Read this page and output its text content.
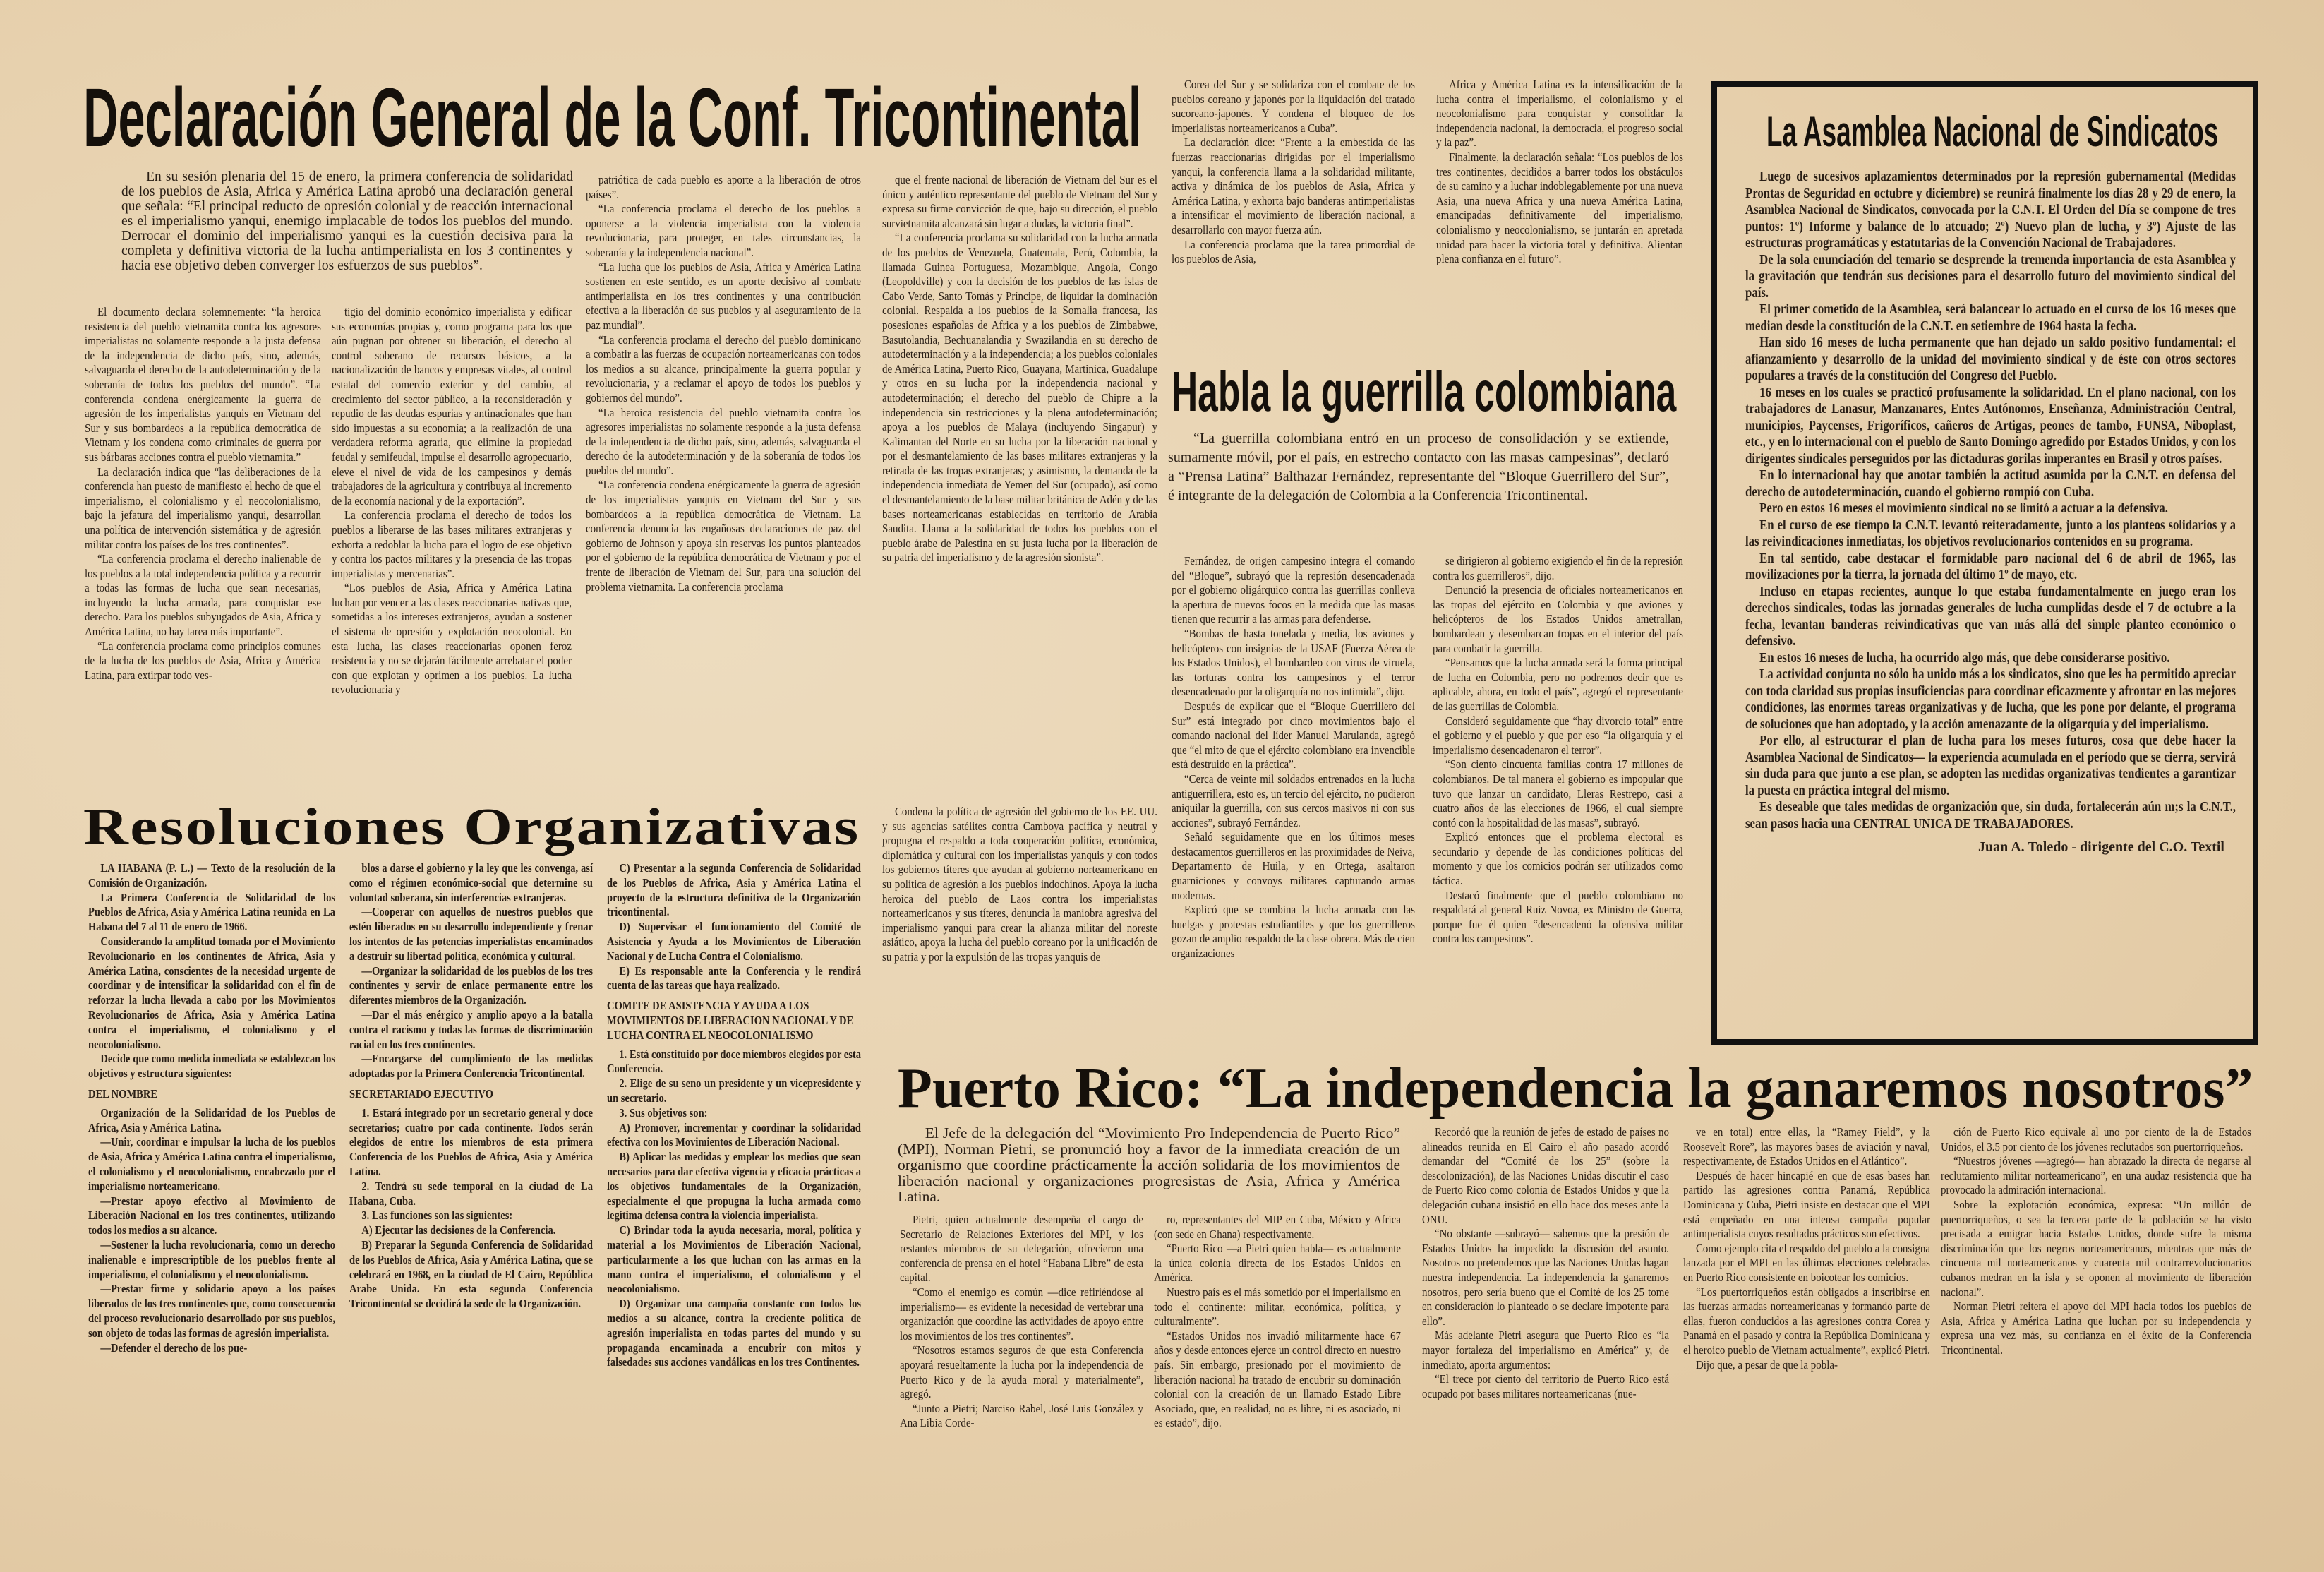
Declaración General de la Conf. Tricontinental

En su sesión plenaria del 15 de enero, la primera conferencia de solidaridad de los pueblos de Asia, Africa y América Latina aprobó una declaración general que señala: “El principal reducto de opresión colonial y de reacción internacional es el imperialismo yanqui, enemigo implacable de todos los pueblos del mundo. Derrocar el dominio del imperialismo yanqui es la cuestión decisiva para la completa y definitiva victoria de la lucha antimperialista en los 3 continentes y hacia ese objetivo deben converger los esfuerzos de sus pueblos”.

El documento declara solemnemente: “la heroica resistencia del pueblo vietnamita contra los agresores imperialistas no solamente responde a la justa defensa de la independencia de dicho país, sino, además, salvaguarda el derecho de la autodeterminación y de la soberanía de todos los pueblos del mundo”. “La conferencia condena enérgicamente la guerra de agresión de los imperialistas yanquis en Vietnam del Sur y sus bombardeos a la república democrática de Vietnam y los condena como criminales de guerra por sus bárbaras acciones contra el pueblo vietnamita.”

La declaración indica que “las deliberaciones de la conferencia han puesto de manifiesto el hecho de que el imperialismo, el colonialismo y el neocolonialismo, bajo la jefatura del imperialismo yanqui, desarrollan una política de intervención sistemática y de agresión militar contra los países de los tres continentes”.

“La conferencia proclama el derecho inalienable de los pueblos a la total independencia política y a recurrir a todas las formas de lucha que sean necesarias, incluyendo la lucha armada, para conquistar ese derecho. Para los pueblos subyugados de Asia, Africa y América Latina, no hay tarea más importante”.

“La conferencia proclama como principios comunes de la lucha de los pueblos de Asia, Africa y América Latina, para extirpar todo ves-

tigio del dominio económico imperialista y edificar sus economías propias y, como programa para los que aún pugnan por obtener su liberación, el derecho al control soberano de recursos básicos, a la nacionalización de bancos y empresas vitales, al control estatal del comercio exterior y del cambio, al crecimiento del sector público, a la reconsideración y repudio de las deudas espurias y antinacionales que han sido impuestas a su economía; a la realización de una verdadera reforma agraria, que elimine la propiedad feudal y semifeudal, impulse el desarrollo agropecuario, eleve el nivel de vida de los campesinos y demás trabajadores de la agricultura y contribuya al incremento de la economía nacional y de la exportación”.

La conferencia proclama el derecho de todos los pueblos a liberarse de las bases militares extranjeras y exhorta a redoblar la lucha para el logro de ese objetivo y contra los pactos militares y la presencia de las tropas imperialistas y mercenarias”.

“Los pueblos de Asia, Africa y América Latina luchan por vencer a las clases reaccionarias nativas que, sometidas a los intereses extranjeros, ayudan a sostener el sistema de opresión y explotación neocolonial. En esta lucha, las clases reaccionarias oponen feroz resistencia y no se dejarán fácilmente arrebatar el poder con que explotan y oprimen a los pueblos. La lucha revolucionaria y

patriótica de cada pueblo es aporte a la liberación de otros países”.

“La conferencia proclama el derecho de los pueblos a oponerse a la violencia imperialista con la violencia revolucionaria, para proteger, en tales circunstancias, la soberanía y la independencia nacional”.

“La lucha que los pueblos de Asia, Africa y América Latina sostienen en este sentido, es un aporte decisivo al combate antimperialista en los tres continentes y una contribución efectiva a la liberación de sus pueblos y al aseguramiento de la paz mundial”.

“La conferencia proclama el derecho del pueblo dominicano a combatir a las fuerzas de ocupación norteamericanas con todos los medios a su alcance, principalmente la guerra popular y revolucionaria, y a reclamar el apoyo de todos los pueblos y gobiernos del mundo”.

“La heroica resistencia del pueblo vietnamita contra los agresores imperialistas no solamente responde a la justa defensa de la independencia de dicho país, sino, además, salvaguarda el derecho de la autodeterminación y de la soberanía de todos los pueblos del mundo”.

“La conferencia condena enérgicamente la guerra de agresión de los imperialistas yanquis en Vietnam del Sur y sus bombardeos a la república democrática de Vietnam. La conferencia denuncia las engañosas declaraciones de paz del gobierno de Johnson y apoya sin reservas los puntos planteados por el gobierno de la república democrática de Vietnam y por el frente de liberación de Vietnam del Sur, para una solución del problema vietnamita. La conferencia proclama

que el frente nacional de liberación de Vietnam del Sur es el único y auténtico representante del pueblo de Vietnam del Sur y expresa su firme convicción de que, bajo su dirección, el pueblo survietnamita alcanzará sin lugar a dudas, la victoria final”.

“La conferencia proclama su solidaridad con la lucha armada de los pueblos de Venezuela, Guatemala, Perú, Colombia, la llamada Guinea Portuguesa, Mozambique, Angola, Congo (Leopoldville) y con la decisión de los pueblos de las islas de Cabo Verde, Santo Tomás y Príncipe, de liquidar la dominación colonial. Respalda a los pueblos de la Somalia francesa, las posesiones españolas de Africa y a los pueblos de Zimbabwe, Basutolandia, Bechuanalandia y Swazilandia en su derecho de autodeterminación y a la independencia; a los pueblos coloniales de América Latina, Puerto Rico, Guayana, Martinica, Guadalupe y otros en su lucha por la independencia nacional y autodeterminación; el derecho del pueblo de Chipre a la independencia sin restricciones y la plena autodeterminación; apoya a los pueblos de Malaya (incluyendo Singapur) y Kalimantan del Norte en su lucha por la liberación nacional y por el desmantelamiento de las bases militares extranjeras y la retirada de las tropas extranjeras; y asimismo, la demanda de la independencia inmediata de Yemen del Sur (ocupado), así como el desmantelamiento de la base militar británica de Adén y de las bases norteamericanas establecidas en territorio de Arabia Saudita. Llama a la solidaridad de todos los pueblos con el pueblo árabe de Palestina en su justa lucha por la liberación de su patria del imperialismo y de la agresión sionista”.

Condena la política de agresión del gobierno de los EE. UU. y sus agencias satélites contra Camboya pacífica y neutral y propugna el respaldo a toda cooperación política, económica, diplomática y cultural con los imperialistas yanquis y con todos los gobiernos títeres que ayudan al gobierno norteamericano en su política de agresión a los pueblos indochinos. Apoya la lucha heroica del pueblo de Laos contra los imperialistas norteamericanos y sus títeres, denuncia la maniobra agresiva del imperialismo yanqui para crear la alianza militar del noreste asiático, apoya la lucha del pueblo coreano por la unificación de su patria y por la expulsión de las tropas yanquis de

Corea del Sur y se solidariza con el combate de los pueblos coreano y japonés por la liquidación del tratado sucoreano-japonés. Y condena el bloqueo de los imperialistas norteamericanos a Cuba”.

La declaración dice: “Frente a la embestida de las fuerzas reaccionarias dirigidas por el imperialismo yanqui, la conferencia llama a la solidaridad militante, activa y dinámica de los pueblos de Asia, Africa y América Latina, y exhorta bajo banderas antimperialistas a intensificar el movimiento de liberación nacional, a desarrollarlo con mayor fuerza aún.

La conferencia proclama que la tarea primordial de los pueblos de Asia,

Africa y América Latina es la intensificación de la lucha contra el imperialismo, el colonialismo y el neocolonialismo para conquistar y consolidar la independencia nacional, la democracia, el progreso social y la paz”.

Finalmente, la declaración señala: “Los pueblos de los tres continentes, decididos a barrer todos los obstáculos de su camino y a luchar indoblegablemente por una nueva Asia, una nueva Africa y una nueva América Latina, emancipadas definitivamente del imperialismo, colonialismo y neocolonialismo, se juntarán en apretada unidad para hacer la victoria total y definitiva. Alientan plena confianza en el futuro”.

Resoluciones Organizativas

LA HABANA (P. L.) — Texto de la resolución de la Comisión de Organización.

La Primera Conferencia de Solidaridad de los Pueblos de Africa, Asia y América Latina reunida en La Habana del 7 al 11 de enero de 1966.

Considerando la amplitud tomada por el Movimiento Revolucionario en los continentes de Africa, Asia y América Latina, conscientes de la necesidad urgente de coordinar y de intensificar la solidaridad con el fin de reforzar la lucha llevada a cabo por los Movimientos Revolucionarios de Africa, Asia y América Latina contra el imperialismo, el colonialismo y el neocolonialismo.

Decide que como medida inmediata se establezcan los objetivos y estructura siguientes:

DEL NOMBRE

Organización de la Solidaridad de los Pueblos de Africa, Asia y América Latina.

—Unir, coordinar e impulsar la lucha de los pueblos de Asia, Africa y América Latina contra el imperialismo, el colonialismo y el neocolonialismo, encabezado por el imperialismo norteamericano.

—Prestar apoyo efectivo al Movimiento de Liberación Nacional en los tres continentes, utilizando todos los medios a su alcance.

—Sostener la lucha revolucionaria, como un derecho inalienable e imprescriptible de los pueblos frente al imperialismo, el colonialismo y el neocolonialismo.

—Prestar firme y solidario apoyo a los países liberados de los tres continentes que, como consecuencia del proceso revolucionario desarrollado por sus pueblos, son objeto de todas las formas de agresión imperialista.

—Defender el derecho de los pue-

blos a darse el gobierno y la ley que les convenga, así como el régimen económico-social que determine su voluntad soberana, sin interferencias extranjeras.

—Cooperar con aquellos de nuestros pueblos que estén liberados en su desarrollo independiente y frenar los intentos de las potencias imperialistas encaminados a destruir su libertad política, económica y cultural.

—Organizar la solidaridad de los pueblos de los tres continentes y servir de enlace permanente entre los diferentes miembros de la Organización.

—Dar el más enérgico y amplio apoyo a la batalla contra el racismo y todas las formas de discriminación racial en los tres continentes.

—Encargarse del cumplimiento de las medidas adoptadas por la Primera Conferencia Tricontinental.

SECRETARIADO EJECUTIVO

1. Estará integrado por un secretario general y doce secretarios; cuatro por cada continente. Todos serán elegidos de entre los miembros de esta primera Conferencia de los Pueblos de Africa, Asia y América Latina.

2. Tendrá su sede temporal en la ciudad de La Habana, Cuba.

3. Las funciones son las siguientes:

A) Ejecutar las decisiones de la Conferencia.

B) Preparar la Segunda Conferencia de Solidaridad de los Pueblos de Africa, Asia y América Latina, que se celebrará en 1968, en la ciudad de El Cairo, República Arabe Unida. En esta segunda Conferencia Tricontinental se decidirá la sede de la Organización.

C) Presentar a la segunda Conferencia de Solidaridad de los Pueblos de Africa, Asia y América Latina el proyecto de la estructura definitiva de la Organización tricontinental.

D) Supervisar el funcionamiento del Comité de Asistencia y Ayuda a los Movimientos de Liberación Nacional y de Lucha Contra el Colonialismo.

E) Es responsable ante la Conferencia y le rendirá cuenta de las tareas que haya realizado.

COMITE DE ASISTENCIA Y AYUDA A LOS MOVIMIENTOS DE LIBERACION NACIONAL Y DE LUCHA CONTRA EL NEOCOLONIALISMO

1. Está constituido por doce miembros elegidos por esta Conferencia.

2. Elige de su seno un presidente y un vicepresidente y un secretario.

3. Sus objetivos son:

A) Promover, incrementar y coordinar la solidaridad efectiva con los Movimientos de Liberación Nacional.

B) Aplicar las medidas y emplear los medios que sean necesarios para dar efectiva vigencia y eficacia prácticas a los objetivos fundamentales de la Organización, especialmente el que propugna la lucha armada como legítima defensa contra la violencia imperialista.

C) Brindar toda la ayuda necesaria, moral, política y material a los Movimientos de Liberación Nacional, particularmente a los que luchan con las armas en la mano contra el imperialismo, el colonialismo y el neocolonialismo.

D) Organizar una campaña constante con todos los medios a su alcance, contra la creciente política de agresión imperialista en todas partes del mundo y su propaganda encaminada a encubrir con mitos y falsedades sus acciones vandálicas en los tres Continentes.

Habla la guerrilla colombiana

“La guerrilla colombiana entró en un proceso de consolidación y se extiende, sumamente móvil, por el país, en estrecho contacto con las masas campesinas”, declaró a “Prensa Latina” Balthazar Fernández, representante del “Bloque Guerrillero del Sur”, é integrante de la delegación de Colombia a la Conferencia Tricontinental.

Fernández, de origen campesino integra el comando del “Bloque”, subrayó que la represión desencadenada por el gobierno oligárquico contra las guerrillas conlleva la apertura de nuevos focos en la medida que las masas tienen que recurrir a las armas para defenderse.

“Bombas de hasta tonelada y media, los aviones y helicópteros con insignias de la USAF (Fuerza Aérea de los Estados Unidos), el bombardeo con virus de viruela, las torturas contra los campesinos y el terror desencadenado por la oligarquía no nos intimida”, dijo.

Después de explicar que el “Bloque Guerrillero del Sur” está integrado por cinco movimientos bajo el comando nacional del líder Manuel Marulanda, agregó que “el mito de que el ejército colombiano era invencible está destruido en la práctica”.

“Cerca de veinte mil soldados entrenados en la lucha antiguerrillera, esto es, un tercio del ejército, no pudieron aniquilar la guerrilla, con sus cercos masivos ni con sus acciones”, subrayó Fernández.

Señaló seguidamente que en los últimos meses destacamentos guerrilleros en las proximidades de Neiva, Departamento de Huila, y en Ortega, asaltaron guarniciones y convoys militares capturando armas modernas.

Explicó que se combina la lucha armada con las huelgas y protestas estudiantiles y que los guerrilleros gozan de amplio respaldo de la clase obrera. Más de cien organizaciones

se dirigieron al gobierno exigiendo el fin de la represión contra los guerrilleros”, dijo.

Denunció la presencia de oficiales norteamericanos en las tropas del ejército en Colombia y que aviones y helicópteros de los Estados Unidos ametrallan, bombardean y desembarcan tropas en el interior del país para combatir la guerrilla.

“Pensamos que la lucha armada será la forma principal de lucha en Colombia, pero no podremos decir que es aplicable, ahora, en todo el país”, agregó el representante de las guerrillas de Colombia.

Consideró seguidamente que “hay divorcio total” entre el gobierno y el pueblo y que por eso “la oligarquía y el imperialismo desencadenaron el terror”.

“Son ciento cincuenta familias contra 17 millones de colombianos. De tal manera el gobierno es impopular que tuvo que lanzar un candidato, Lleras Restrepo, casi a cuatro años de las elecciones de 1966, el cual siempre contó con la hospitalidad de las masas”, subrayó.

Explicó entonces que el problema electoral es secundario y depende de las condiciones políticas del momento y que los comicios podrán ser utilizados como táctica.

Destacó finalmente que el pueblo colombiano no respaldará al general Ruiz Novoa, ex Ministro de Guerra, porque fue él quien “desencadenó la ofensiva militar contra los campesinos”.

La Asamblea Nacional de Sindicatos

Luego de sucesivos aplazamientos determinados por la represión gubernamental (Medidas Prontas de Seguridad en octubre y diciembre) se reunirá finalmente los días 28 y 29 de enero, la Asamblea Nacional de Sindicatos, convocada por la C.N.T. El Orden del Día se compone de tres puntos: 1º) Informe y balance de lo atcuado; 2º) Nuevo plan de lucha, y 3º) Ajuste de las estructuras programáticas y estatutarias de la Convención Nacional de Trabajadores.

De la sola enunciación del temario se desprende la tremenda importancia de esta Asamblea y la gravitación que tendrán sus decisiones para el desarrollo futuro del movimiento sindical del país.

El primer cometido de la Asamblea, será balancear lo actuado en el curso de los 16 meses que median desde la constitución de la C.N.T. en setiembre de 1964 hasta la fecha.

Han sido 16 meses de lucha permanente que han dejado un saldo positivo fundamental: el afianzamiento y desarrollo de la unidad del movimiento sindical y de éste con otros sectores populares a través de la constitución del Congreso del Pueblo.

16 meses en los cuales se practicó profusamente la solidaridad. En el plano nacional, con los trabajadores de Lanasur, Manzanares, Entes Autónomos, Enseñanza, Administración Central, municipios, Paycenses, Frigoríficos, cañeros de Artigas, peones de tambo, FUNSA, Niboplast, etc., y en lo internacional con el pueblo de Santo Domingo agredido por Estados Unidos, y con los dirigentes sindicales perseguidos por las dictaduras gorilas imperantes en Brasil y otros países.

En lo internacional hay que anotar también la actitud asumida por la C.N.T. en defensa del derecho de autodeterminación, cuando el gobierno rompió con Cuba.

Pero en estos 16 meses el movimiento sindical no se limitó a actuar a la defensiva.

En el curso de ese tiempo la C.N.T. levantó reiteradamente, junto a los planteos solidarios y a las reivindicaciones inmediatas, los objetivos revolucionarios contenidos en su programa.

En tal sentido, cabe destacar el formidable paro nacional del 6 de abril de 1965, las movilizaciones por la tierra, la jornada del último 1º de mayo, etc.

Incluso en etapas recientes, aunque lo que estaba fundamentalmente en juego eran los derechos sindicales, todas las jornadas generales de lucha cumplidas desde el 7 de octubre a la fecha, levantan banderas reivindicativas que van más allá del simple planteo económico o defensivo.

En estos 16 meses de lucha, ha ocurrido algo más, que debe considerarse positivo.

La actividad conjunta no sólo ha unido más a los sindicatos, sino que les ha permitido apreciar con toda claridad sus propias insuficiencias para coordinar eficazmente y afrontar en las mejores condiciones, las enormes tareas organizativas y de lucha, que les pone por delante, el programa de soluciones que han adoptado, y la acción amenazante de la oligarquía y del imperialismo.

Por ello, al estructurar el plan de lucha para los meses futuros, cosa que debe hacer la Asamblea Nacional de Sindicatos— la experiencia acumulada en el período que se cierra, servirá sin duda para que junto a ese plan, se adopten las medidas organizativas tendientes a garantizar la puesta en práctica integral del mismo.

Es deseable que tales medidas de organización que, sin duda, fortalecerán aún m;s la C.N.T., sean pasos hacia una CENTRAL UNICA DE TRABAJADORES.

Juan A. Toledo - dirigente del C.O. Textil
Puerto Rico: “La independencia la ganaremos nosotros”

El Jefe de la delegación del “Movimiento Pro Independencia de Puerto Rico” (MPI), Norman Pietri, se pronunció hoy a favor de la inmediata creación de un organismo que coordine prácticamente la acción solidaria de los movimientos de liberación nacional y organizaciones progresistas de Asia, Africa y América Latina.

Pietri, quien actualmente desempeña el cargo de Secretario de Relaciones Exteriores del MPI, y los restantes miembros de su delegación, ofrecieron una conferencia de prensa en el hotel “Habana Libre” de esta capital.

“Como el enemigo es común —dice refiriéndose al imperialismo— es evidente la necesidad de vertebrar una organización que coordine las actividades de apoyo entre los movimientos de los tres continentes”.

“Nosotros estamos seguros de que esta Conferencia apoyará resueltamente la lucha por la independencia de Puerto Rico y de la ayuda moral y materialmente”, agregó.

“Junto a Pietri; Narciso Rabel, José Luis González y Ana Libia Corde-

ro, representantes del MIP en Cuba, México y Africa (con sede en Ghana) respectivamente.

“Puerto Rico —a Pietri quien habla— es actualmente la única colonia directa de los Estados Unidos en América.

Nuestro país es el más sometido por el imperialismo en todo el continente: militar, económica, política, y culturalmente”.

“Estados Unidos nos invadió militarmente hace 67 años y desde entonces ejerce un control directo en nuestro país. Sin embargo, presionado por el movimiento de liberación nacional ha tratado de encubrir su dominación colonial con la creación de un llamado Estado Libre Asociado, que, en realidad, no es libre, ni es asociado, ni es estado”, dijo.

Recordó que la reunión de jefes de estado de países no alineados reunida en El Cairo el año pasado acordó demandar del “Comité de los 25” (sobre la descolonización), de las Naciones Unidas discutir el caso de Puerto Rico como colonia de Estados Unidos y que la delegación cubana insistió en ello hace dos meses ante la ONU.

“No obstante —subrayó— sabemos que la presión de Estados Unidos ha impedido la discusión del asunto. Nosotros no pretendemos que las Naciones Unidas hagan nuestra independencia. La independencia la ganaremos nosotros, pero sería bueno que el Comité de los 25 tome en consideración lo planteado o se declare impotente para ello”.

Más adelante Pietri asegura que Puerto Rico es “la mayor fortaleza del imperialismo en América” y, de inmediato, aporta argumentos:

“El trece por ciento del territorio de Puerto Rico está ocupado por bases militares norteamericanas (nue-

ve en total) entre ellas, la “Ramey Field”, y la Roosevelt Rore”, las mayores bases de aviación y naval, respectivamente, de Estados Unidos en el Atlántico”.

Después de hacer hincapié en que de esas bases han partido las agresiones contra Panamá, República Dominicana y Cuba, Pietri insiste en destacar que el MPI está empeñado en una intensa campaña popular antimperialista cuyos resultados prácticos son efectivos.

Como ejemplo cita el respaldo del pueblo a la consigna lanzada por el MPI en las últimas elecciones celebradas en Puerto Rico consistente en boicotear los comicios.

“Los puertorriqueños están obligados a inscribirse en las fuerzas armadas norteamericanas y formando parte de ellas, fueron conducidos a las agresiones contra Corea y Panamá en el pasado y contra la República Dominicana y el heroico pueblo de Vietnam actualmente”, explicó Pietri.

Dijo que, a pesar de que la pobla-

ción de Puerto Rico equivale al uno por ciento de la de Estados Unidos, el 3.5 por ciento de los jóvenes reclutados son puertorriqueños.

“Nuestros jóvenes —agregó— han abrazado la directa de negarse al reclutamiento militar norteamericano”, en una audaz resistencia que ha provocado la admiración internacional.

Sobre la explotación económica, expresa: “Un millón de puertorriqueños, o sea la tercera parte de la población se ha visto precisada a emigrar hacia Estados Unidos, donde sufre la misma discriminación que los negros norteamericanos, mientras que más de cincuenta mil norteamericanos y cuarenta mil contrarrevolucionarios cubanos medran en la isla y se oponen al movimiento de liberación nacional”.

Norman Pietri reitera el apoyo del MPI hacia todos los pueblos de Asia, Africa y América Latina que luchan por su independencia y expresa una vez más, su confianza en el éxito de la Conferencia Tricontinental.
